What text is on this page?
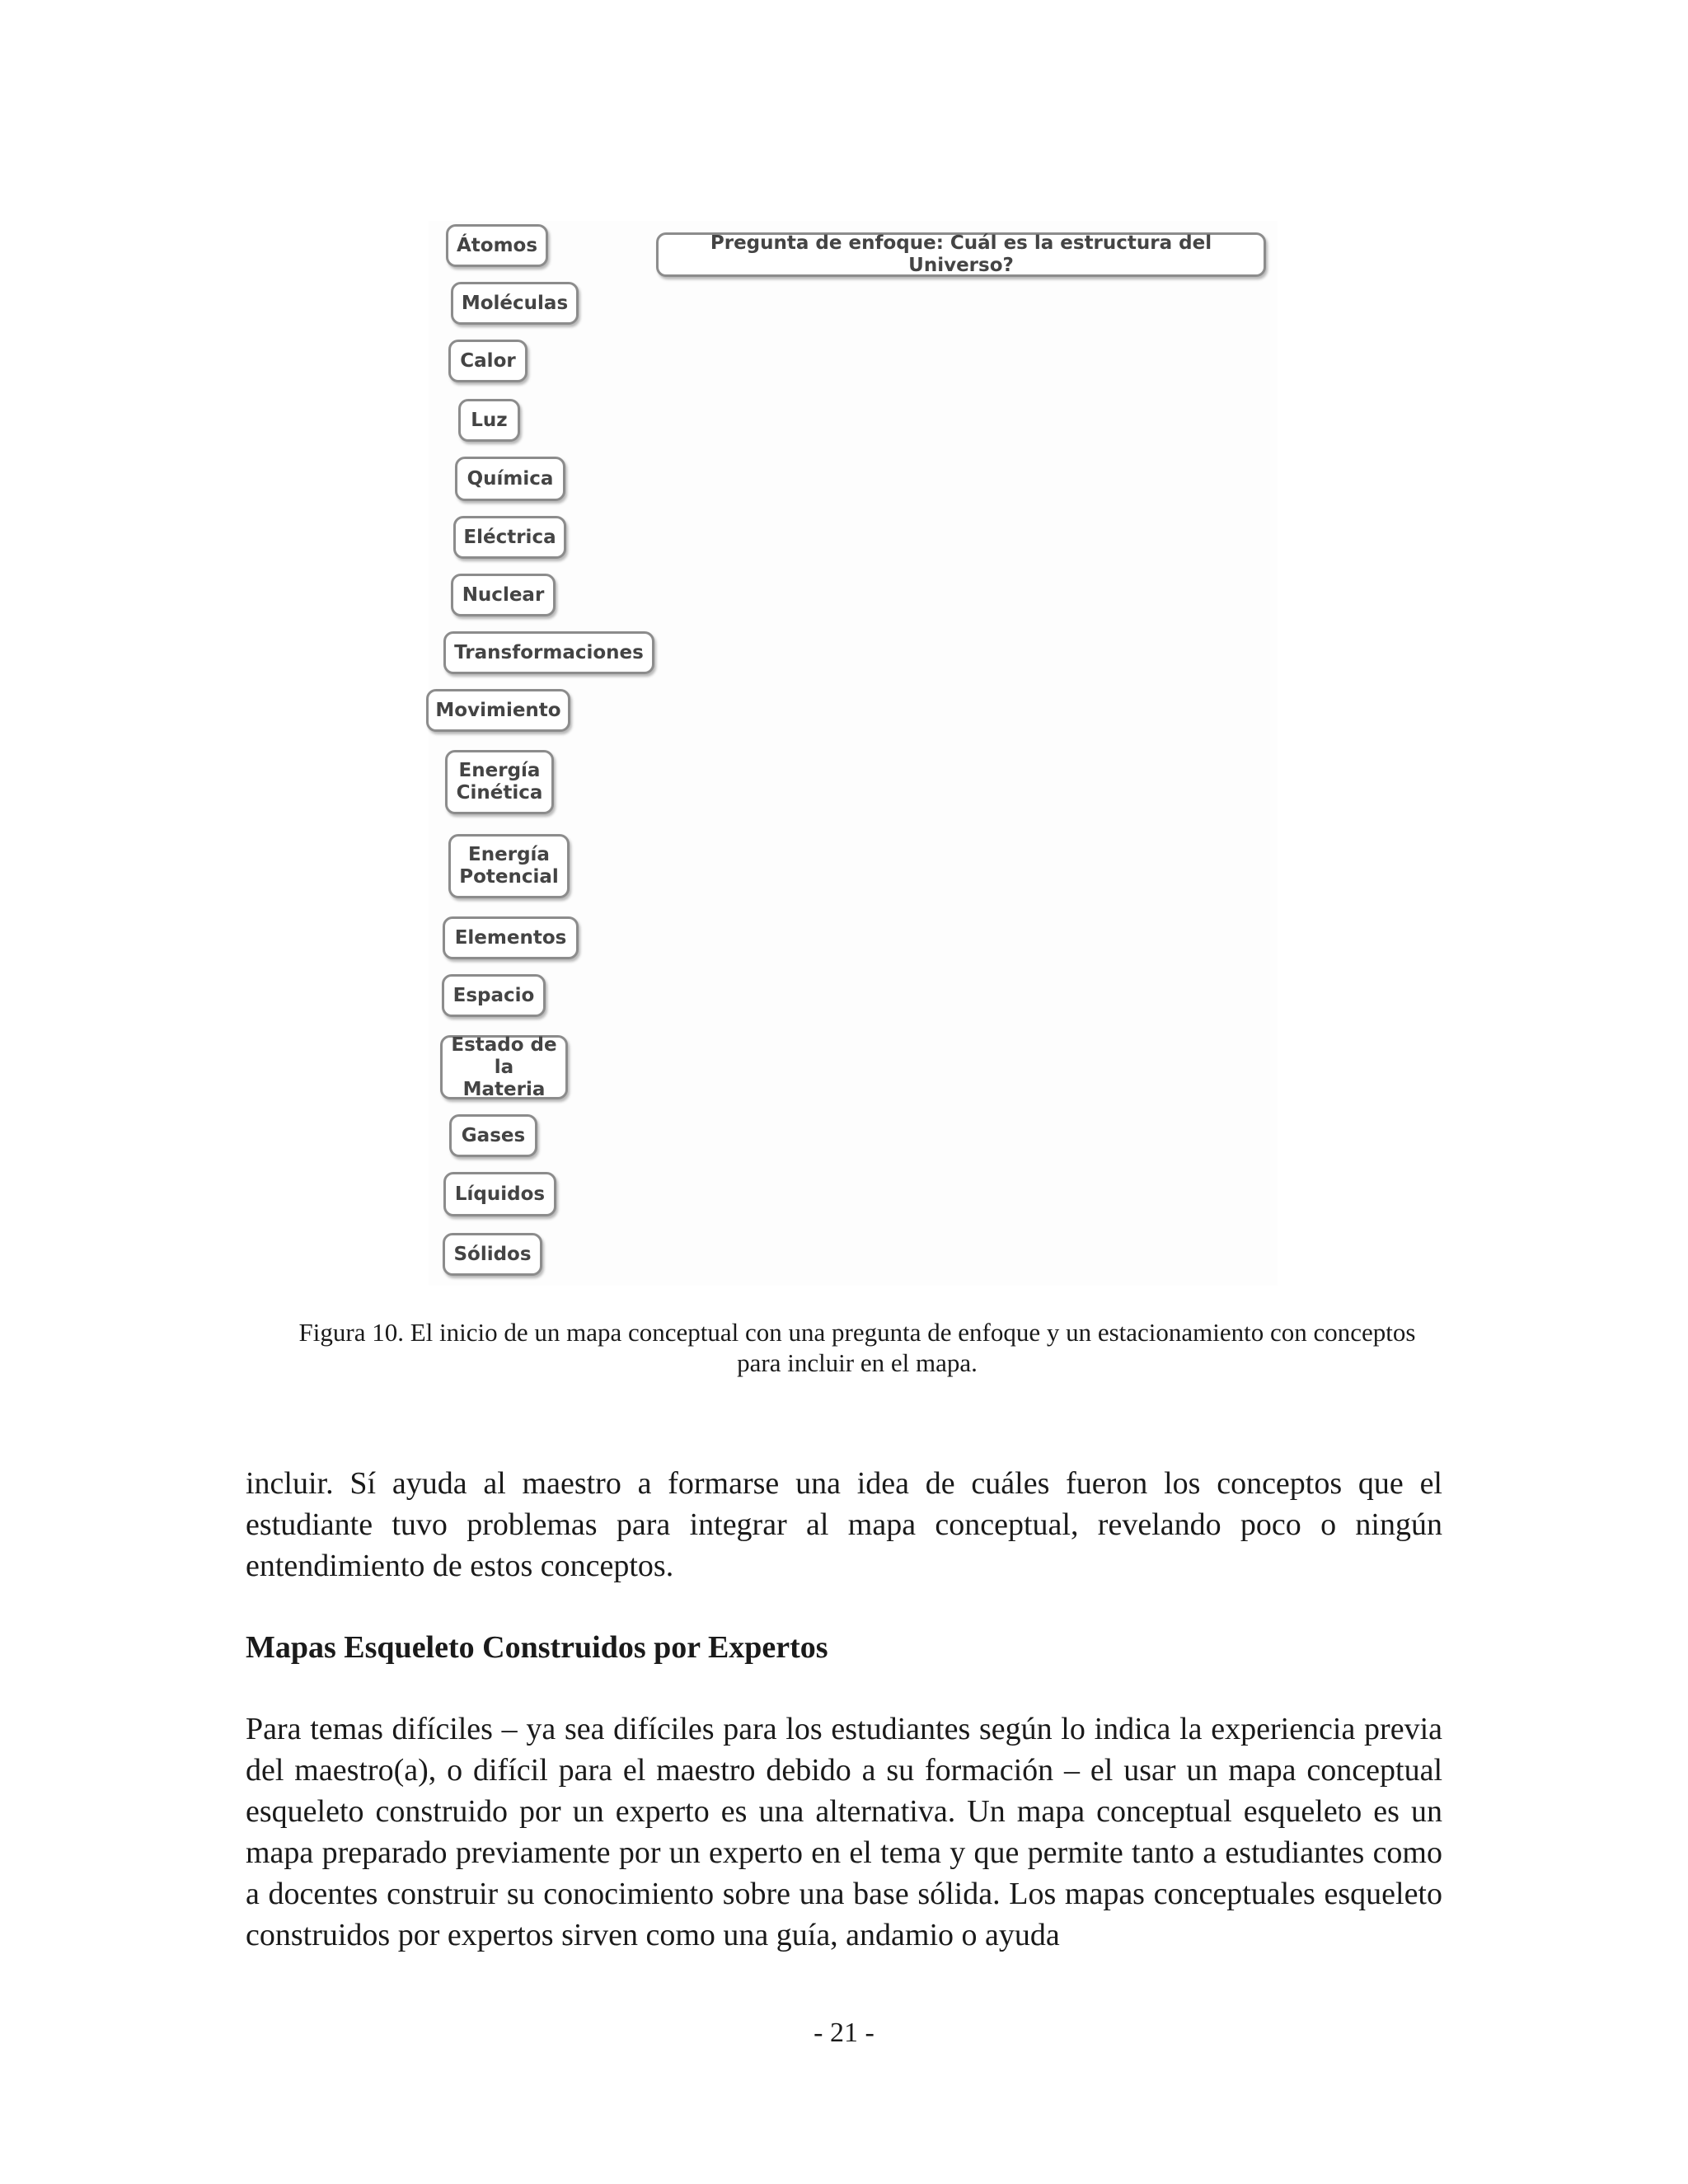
Pregunta de enfoque: Cuál es la estructura del Universo?
Átomos
Moléculas
Calor
Luz
Química
Eléctrica
Nuclear
Transformaciones
Movimiento
Energía
Cinética
Energía
Potencial
Elementos
Espacio
Estado de
la Materia
Gases
Líquidos
Sólidos
Figura 10. El inicio de un mapa conceptual con una pregunta de enfoque y un estacionamiento con conceptos para incluir en el mapa.
incluir. Sí ayuda al maestro a formarse una idea de cuáles fueron los conceptos que el estudiante tuvo problemas para integrar al mapa conceptual, revelando poco o ningún entendimiento de estos conceptos.
Mapas Esqueleto Construidos por Expertos
Para temas difíciles – ya sea difíciles para los estudiantes según lo indica la experiencia previa del maestro(a), o difícil para el maestro debido a su formación – el usar un mapa conceptual esqueleto construido por un experto es una alternativa. Un mapa conceptual esqueleto es un mapa preparado previamente por un experto en el tema y que permite tanto a estudiantes como a docentes construir su conocimiento sobre una base sólida. Los mapas conceptuales esqueleto construidos por expertos sirven como una guía, andamio o ayuda
- 21 -
